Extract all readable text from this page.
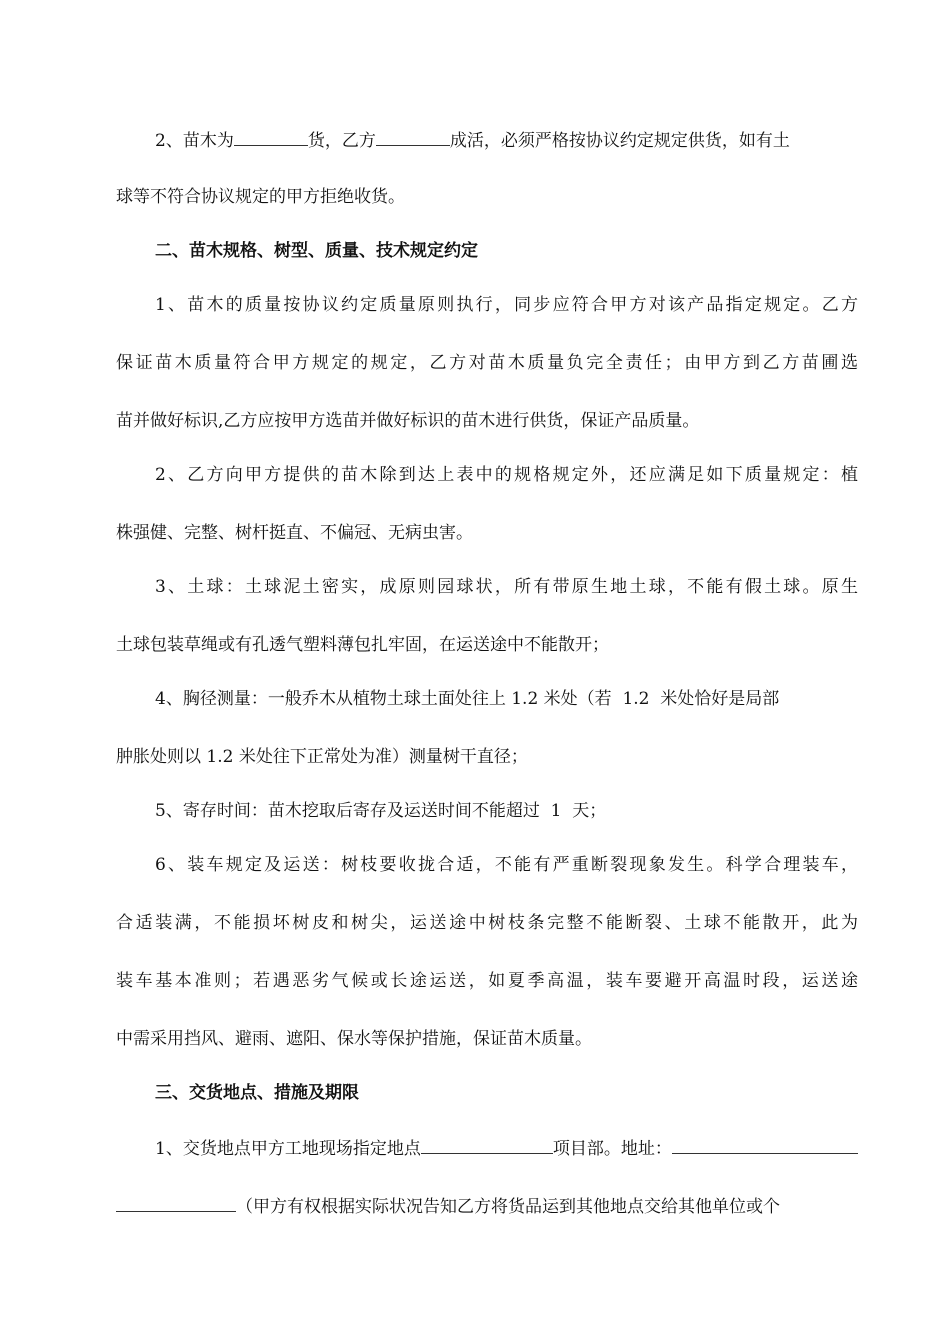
2、苗木为	货，乙方	成活，必须严格按协议约定规定供货，如有土
球等不符合协议规定的甲方拒绝收货。
二、苗木规格、树型、质量、技术规定约定
1、苗木的质量按协议约定质量原则执行，同步应符合甲方对该产品指定规定。乙方
保证苗木质量符合甲方规定的规定，乙方对苗木质量负完全责任；由甲方到乙方苗圃选
苗并做好标识,乙方应按甲方选苗并做好标识的苗木进行供货，保证产品质量。
2、乙方向甲方提供的苗木除到达上表中的规格规定外，还应满足如下质量规定：植
株强健、完整、树杆挺直、不偏冠、无病虫害。
3、土球：土球泥土密实，成原则园球状，所有带原生地土球，不能有假土球。原生
土球包装草绳或有孔透气塑料薄包扎牢固，在运送途中不能散开；
4、胸径测量：一般乔木从植物土球土面处往上 1.2 米处（若  1.2  米处恰好是局部
肿胀处则以 1.2 米处往下正常处为准）测量树干直径；
5、寄存时间：苗木挖取后寄存及运送时间不能超过  1  天；
6、装车规定及运送：树枝要收拢合适，不能有严重断裂现象发生。科学合理装车，
合适装满，不能损坏树皮和树尖，运送途中树枝条完整不能断裂、土球不能散开，此为
装车基本准则；若遇恶劣气候或长途运送，如夏季高温，装车要避开高温时段，运送途
中需采用挡风、避雨、遮阳、保水等保护措施，保证苗木质量。
三、交货地点、措施及期限
1、交货地点甲方工地现场指定地点	项目部。地址：
（甲方有权根据实际状况告知乙方将货品运到其他地点交给其他单位或个
